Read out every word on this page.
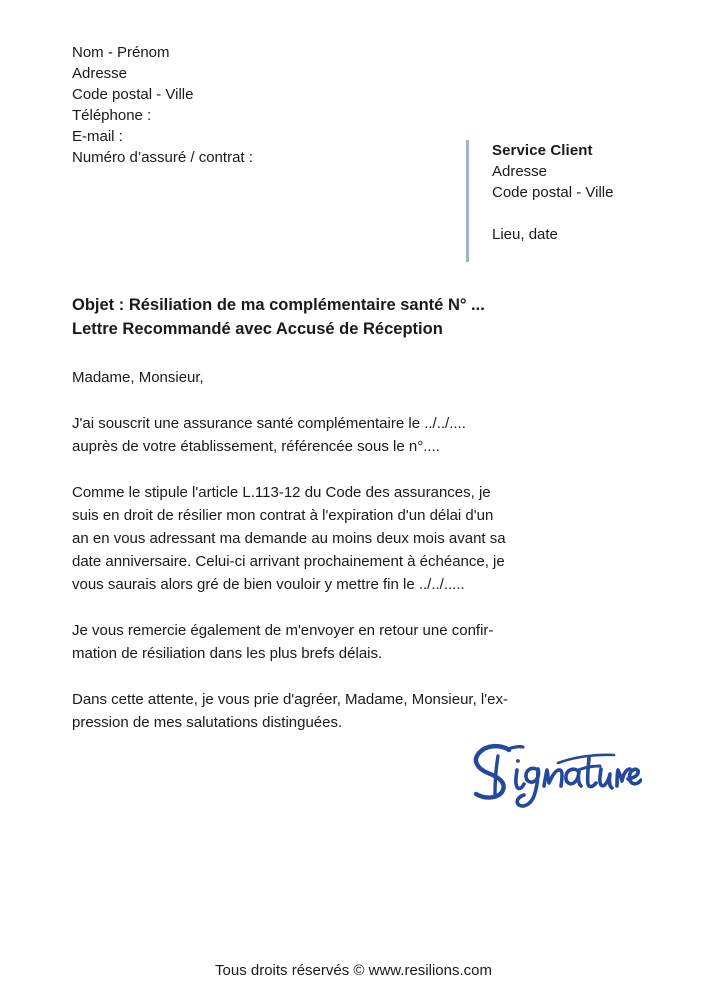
Nom - Prénom
Adresse
Code postal - Ville
Téléphone :
E-mail :
Numéro d’assuré / contrat :	Service Client
Adresse
Code postal - Ville
Lieu, date
Objet : Résiliation de ma complémentaire santé N° ...
Lettre Recommandé avec Accusé de Réception

Madame, Monsieur,

J'ai souscrit une assurance santé complémentaire le ../../....
auprès de votre établissement, référencée sous le n°....

Comme le stipule l'article L.113-12 du Code des assurances, je
suis en droit de résilier mon contrat à l'expiration d'un délai d'un
an en vous adressant ma demande au moins deux mois avant sa
date anniversaire. Celui-ci arrivant prochainement à échéance, je
vous saurais alors gré de bien vouloir y mettre fin le ../../.....

Je vous remercie également de m'envoyer en retour une confir-
mation de résiliation dans les plus brefs délais.

Dans cette attente, je vous prie d'agréer, Madame, Monsieur, l'ex-
pression de mes salutations distinguées.

Tous droits réservés © www.resilions.com
